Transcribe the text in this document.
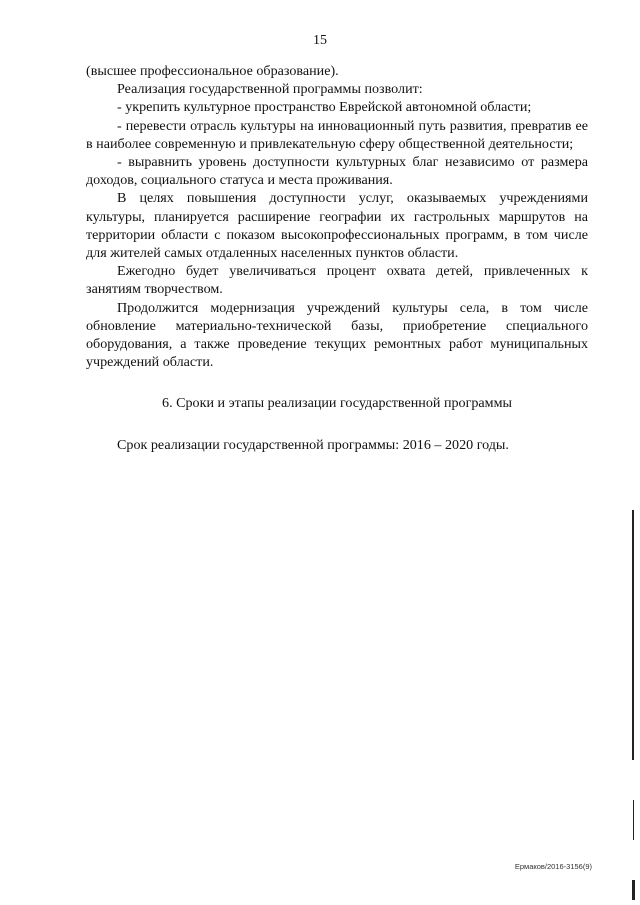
15

(высшее профессиональное образование).

Реализация государственной программы позволит:

- укрепить культурное пространство Еврейской автономной области;

- перевести отрасль культуры на инновационный путь развития, превратив ее в наиболее современную и привлекательную сферу общественной деятельности;

- выравнить уровень доступности культурных благ независимо от размера доходов, социального статуса и места проживания.

В целях повышения доступности услуг, оказываемых учреждениями культуры, планируется расширение географии их гастрольных маршрутов на территории области с показом высокопрофессиональных программ, в том числе для жителей самых отдаленных населенных пунктов области.

Ежегодно будет увеличиваться процент охвата детей, привлеченных к занятиям творчеством.

Продолжится модернизация учреждений культуры села, в том числе обновление материально-технической базы, приобретение специального оборудования, а также проведение текущих ремонтных работ муниципальных учреждений области.

6. Сроки и этапы реализации государственной программы

Срок реализации государственной программы: 2016 – 2020 годы.

Ермаков/2016-3156(9)
